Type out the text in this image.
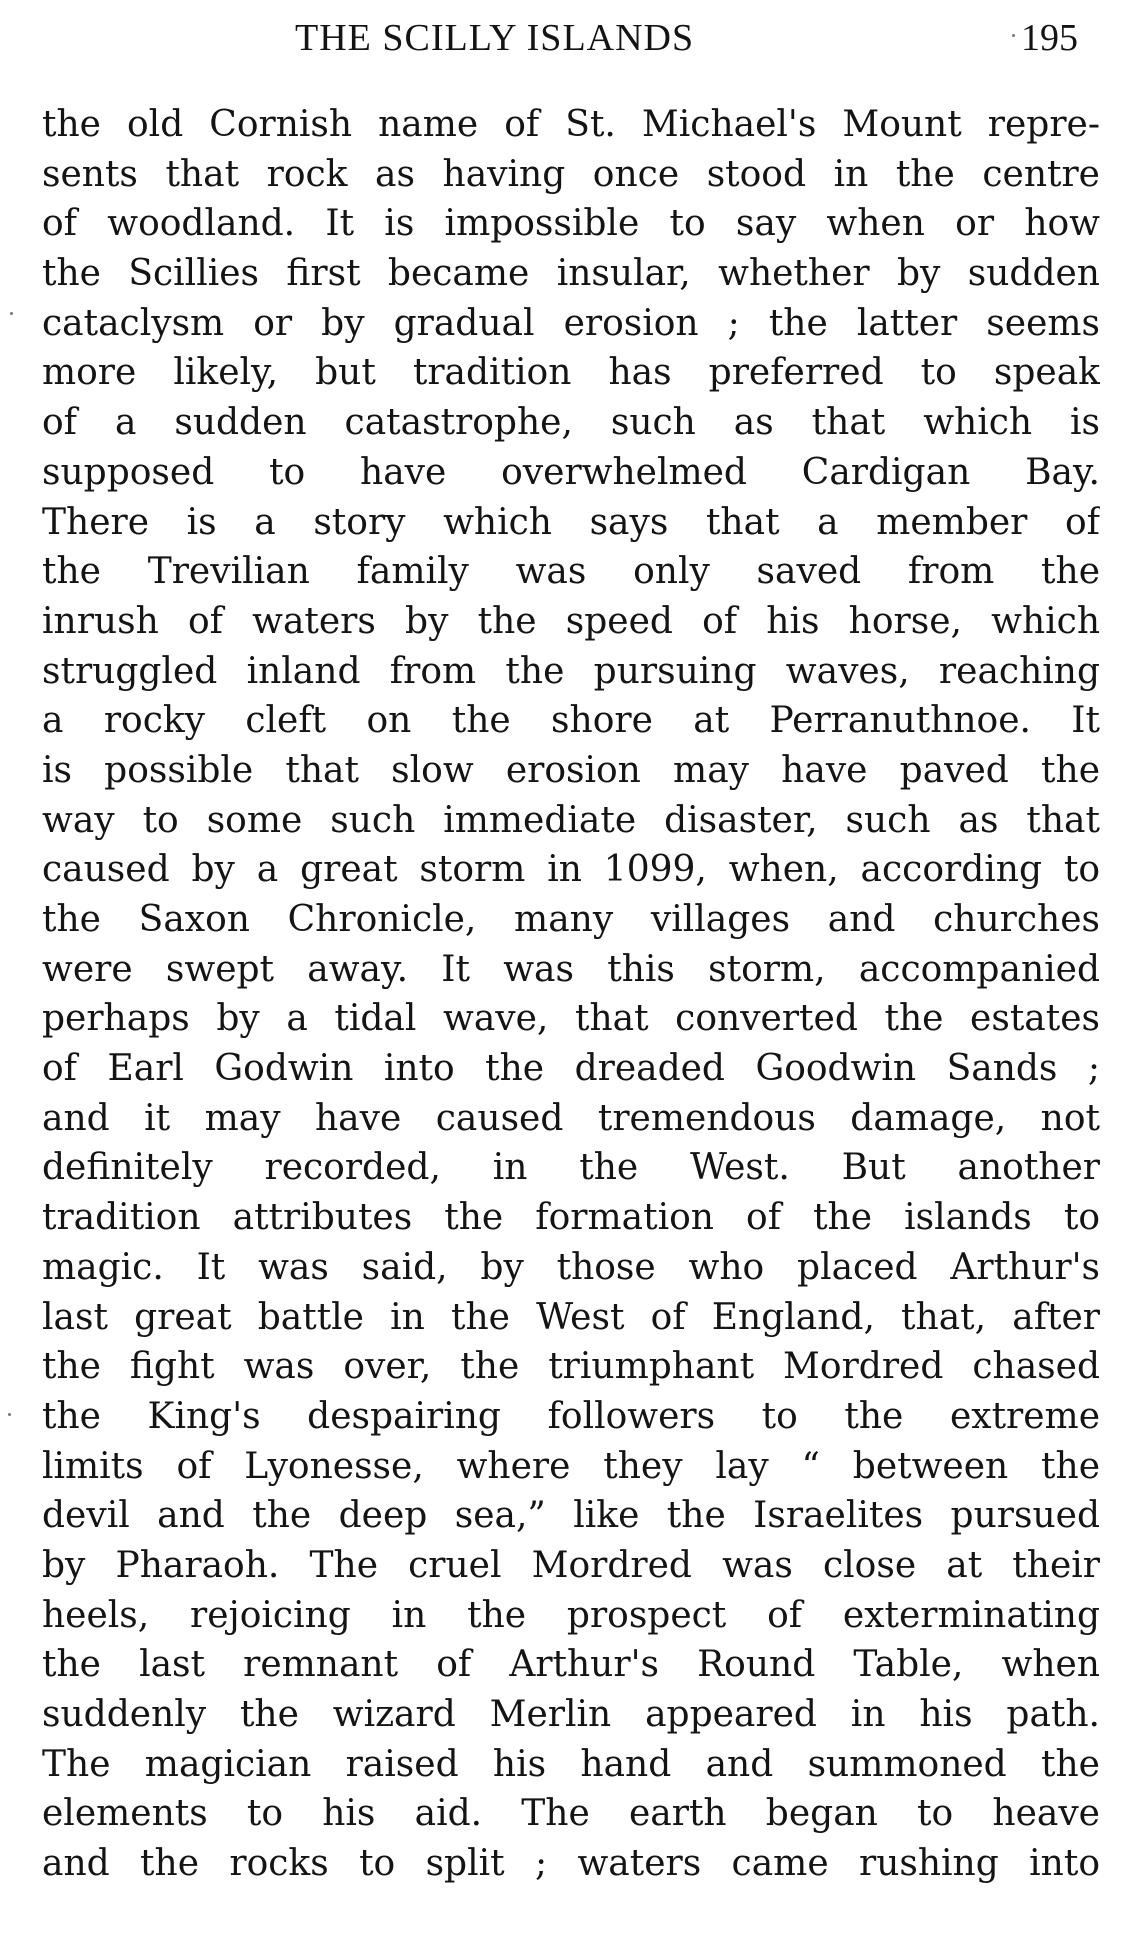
THE SCILLY ISLANDS	195
the old Cornish name of St. Michael's Mount repre-
sents that rock as having once stood in the centre
of woodland. It is impossible to say when or how
the Scillies first became insular, whether by sudden
cataclysm or by gradual erosion ; the latter seems
more likely, but tradition has preferred to speak
of a sudden catastrophe, such as that which is
supposed to have overwhelmed Cardigan Bay.
There is a story which says that a member of
the Trevilian family was only saved from the
inrush of waters by the speed of his horse, which
struggled inland from the pursuing waves, reaching
a rocky cleft on the shore at Perranuthnoe. It
is possible that slow erosion may have paved the
way to some such immediate disaster, such as that
caused by a great storm in 1099, when, according to
the Saxon Chronicle, many villages and churches
were swept away. It was this storm, accompanied
perhaps by a tidal wave, that converted the estates
of Earl Godwin into the dreaded Goodwin Sands ;
and it may have caused tremendous damage, not
definitely recorded, in the West. But another
tradition attributes the formation of the islands to
magic. It was said, by those who placed Arthur's
last great battle in the West of England, that, after
the fight was over, the triumphant Mordred chased
the King's despairing followers to the extreme
limits of Lyonesse, where they lay “ between the
devil and the deep sea,” like the Israelites pursued
by Pharaoh. The cruel Mordred was close at their
heels, rejoicing in the prospect of exterminating
the last remnant of Arthur's Round Table, when
suddenly the wizard Merlin appeared in his path.
The magician raised his hand and summoned the
elements to his aid. The earth began to heave
and the rocks to split ; waters came rushing into
